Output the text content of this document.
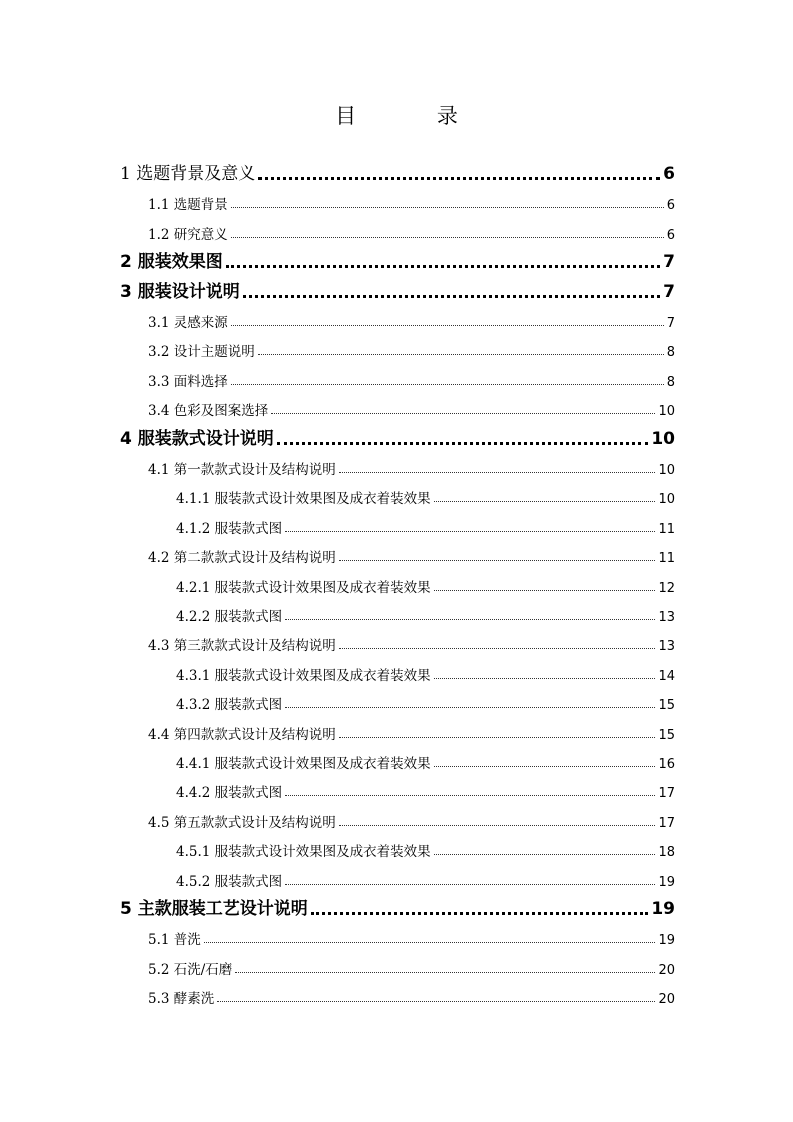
目 录
1 选题背景及意义	6
1.1 选题背景	6
1.2 研究意义	6
2 服装效果图	7
3 服装设计说明	7
3.1 灵感来源	7
3.2 设计主题说明	8
3.3 面料选择	8
3.4 色彩及图案选择	10
4 服装款式设计说明	10
4.1 第一款款式设计及结构说明	10
4.1.1 服装款式设计效果图及成衣着装效果	10
4.1.2 服装款式图	11
4.2 第二款款式设计及结构说明	11
4.2.1 服装款式设计效果图及成衣着装效果	12
4.2.2 服装款式图	13
4.3 第三款款式设计及结构说明	13
4.3.1 服装款式设计效果图及成衣着装效果	14
4.3.2 服装款式图	15
4.4 第四款款式设计及结构说明	15
4.4.1 服装款式设计效果图及成衣着装效果	16
4.4.2 服装款式图	17
4.5 第五款款式设计及结构说明	17
4.5.1 服装款式设计效果图及成衣着装效果	18
4.5.2 服装款式图	19
5 主款服装工艺设计说明	19
5.1 普洗	19
5.2 石洗/石磨	20
5.3 酵素洗	20
